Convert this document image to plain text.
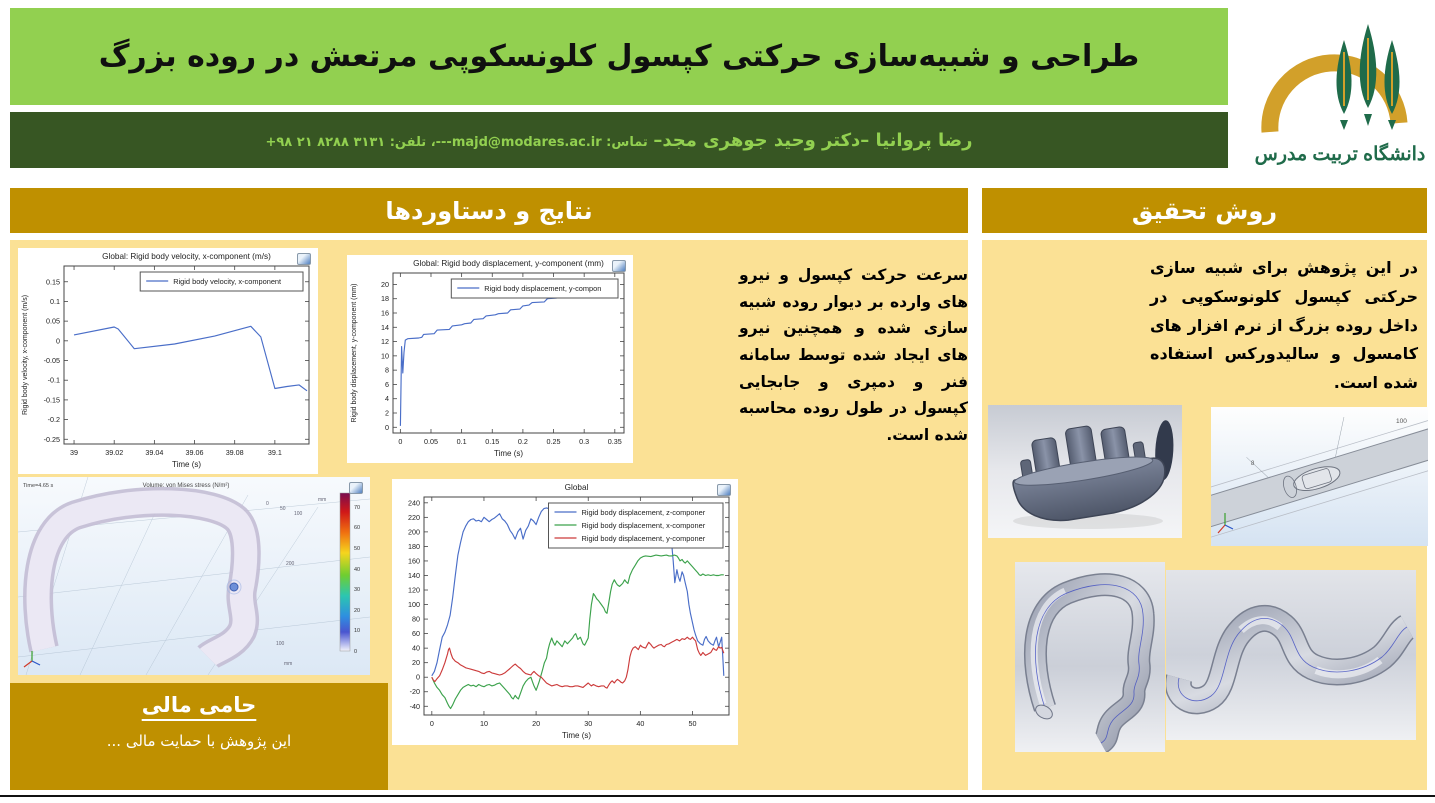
طراحی و شبیه‌سازی حرکتی کپسول کلونسکوپی مرتعش در روده بزرگ
رضا پروانیا –دکتر وحید جوهری مجد– تماس: majd@modares.ac.ir---، تلفن: ۳۱۳۱ ۸۲۸۸ ۲۱ ۹۸+
دانشگاه تربیت مدرس
نتایج و دستاوردها	روش تحقیق
39	39.02	39.04	39.06	39.08	39.1
0.15
0.1
0.05
0
-0.05
-0.1
-0.15
-0.2
-0.25
Global: Rigid body velocity, x-component (m/s)
Time (s)
Rigid body velocity, x-component (m/s)
Rigid body velocity, x-component
0	0.05	0.1	0.15	0.2	0.25	0.3	0.35
0
2
4
6
8
10
12
14
16
18
20
Global: Rigid body displacement, y-component (mm)
Time (s)
Rigid body displacement, y-component (mm)	Rigid body displacement, y-compon
0	10	20	30	40	50
-40
-20
0
20
40
60
80
100
120
140
160
180
200
220
240
Global
Time (s)
Rigid body displacement, z-componer
Rigid body displacement, x-componer
Rigid body displacement, y-componer
سرعت حرکت کپسول و نیرو های وارده بر دیوار روده شبیه سازی شده و همچنین نیرو های ایجاد شده توسط سامانه فنر و دمپری و جابجایی کپسول در طول روده محاسبه شده است.
Time=4.65 s	Volume: von Mises stress (N/m²)
70
60
50
40
30
20
10
0
mm
0
50
100
200
100
mm
حامی مالی
این پژوهش با حمایت مالی ...
در این پژوهش برای شبیه سازی حرکتی کپسول کلونوسکوپی در داخل روده بزرگ از نرم افزار های کامسول و سالیدورکس استفاده شده است.
100
8
